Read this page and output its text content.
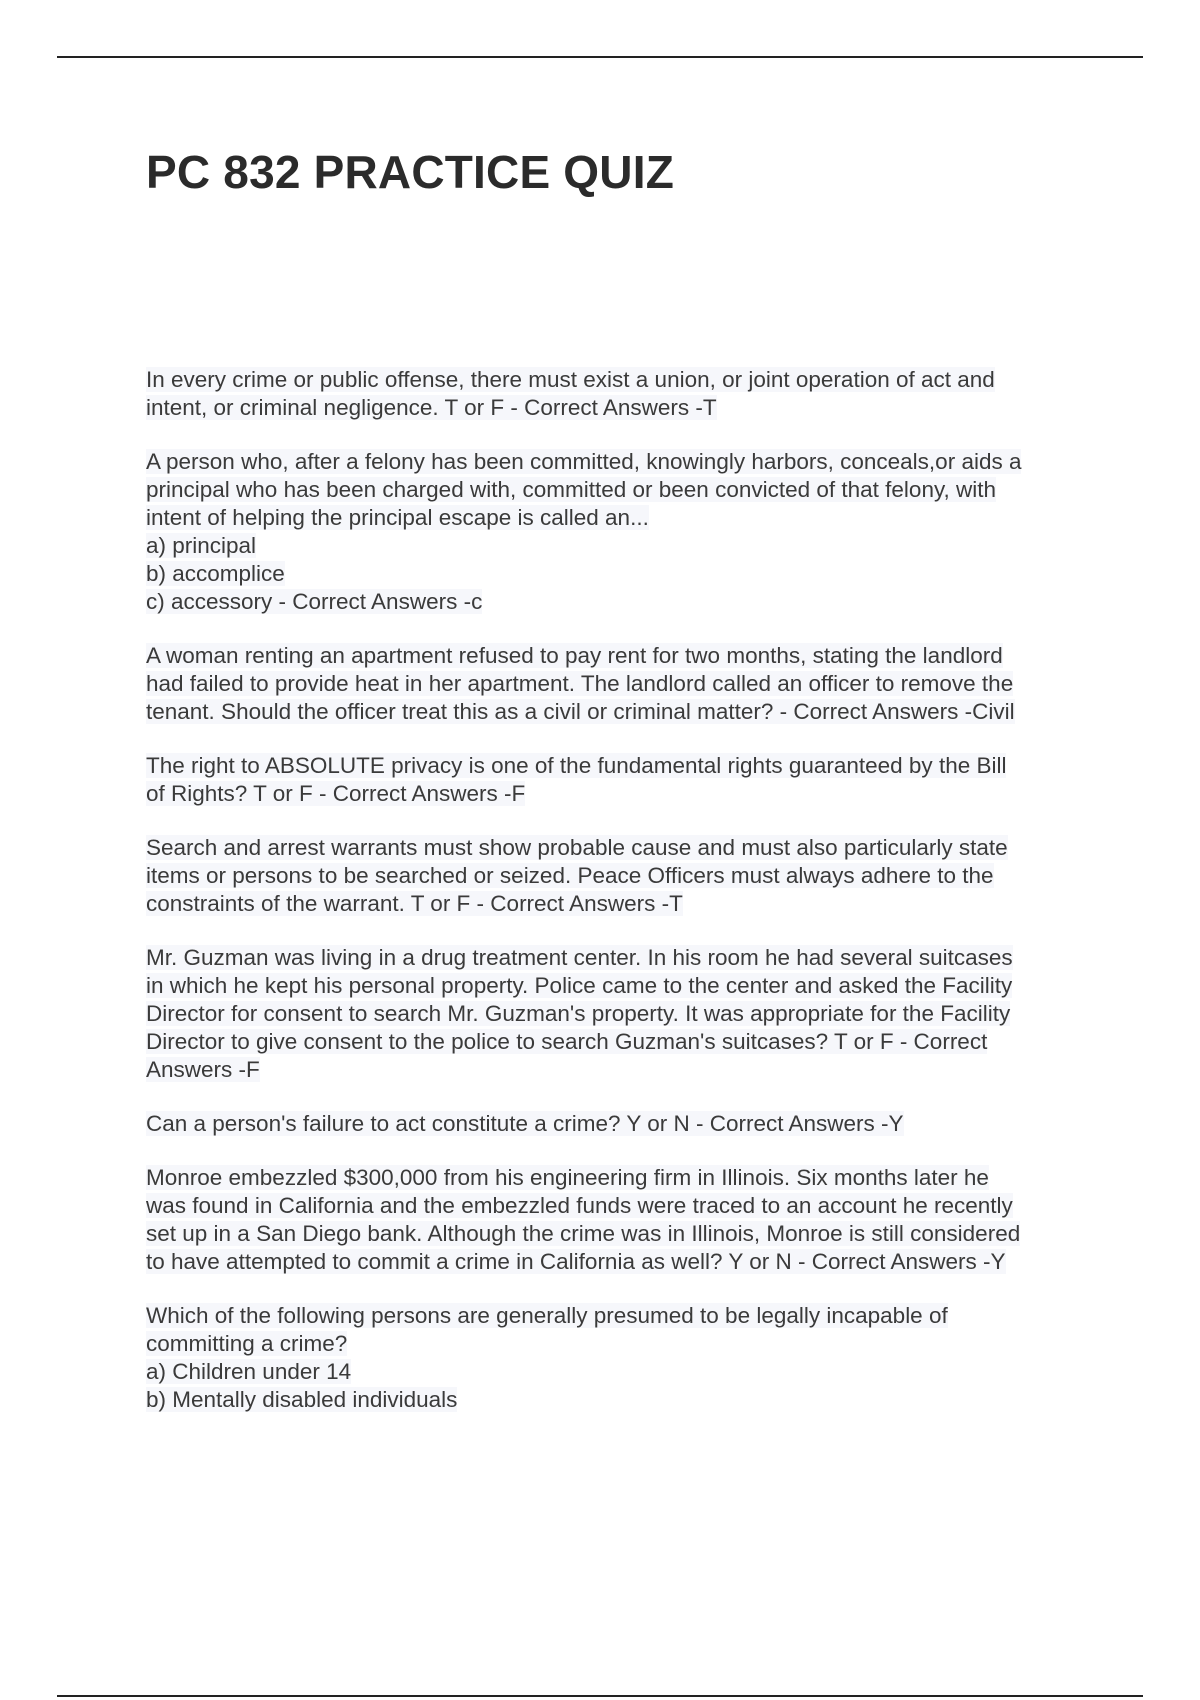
PC 832 PRACTICE QUIZ
In every crime or public offense, there must exist a union, or joint operation of act and
intent, or criminal negligence. T or F - Correct Answers -T
A person who, after a felony has been committed, knowingly harbors, conceals,or aids a
principal who has been charged with, committed or been convicted of that felony, with
intent of helping the principal escape is called an...
a) principal
b) accomplice
c) accessory - Correct Answers -c
A woman renting an apartment refused to pay rent for two months, stating the landlord
had failed to provide heat in her apartment. The landlord called an officer to remove the
tenant. Should the officer treat this as a civil or criminal matter? - Correct Answers -Civil
The right to ABSOLUTE privacy is one of the fundamental rights guaranteed by the Bill
of Rights? T or F - Correct Answers -F
Search and arrest warrants must show probable cause and must also particularly state
items or persons to be searched or seized. Peace Officers must always adhere to the
constraints of the warrant. T or F - Correct Answers -T
Mr. Guzman was living in a drug treatment center. In his room he had several suitcases
in which he kept his personal property. Police came to the center and asked the Facility
Director for consent to search Mr. Guzman's property. It was appropriate for the Facility
Director to give consent to the police to search Guzman's suitcases? T or F - Correct
Answers -F
Can a person's failure to act constitute a crime? Y or N - Correct Answers -Y
Monroe embezzled $300,000 from his engineering firm in Illinois. Six months later he
was found in California and the embezzled funds were traced to an account he recently
set up in a San Diego bank. Although the crime was in Illinois, Monroe is still considered
to have attempted to commit a crime in California as well? Y or N - Correct Answers -Y
Which of the following persons are generally presumed to be legally incapable of
committing a crime?
a) Children under 14
b) Mentally disabled individuals
